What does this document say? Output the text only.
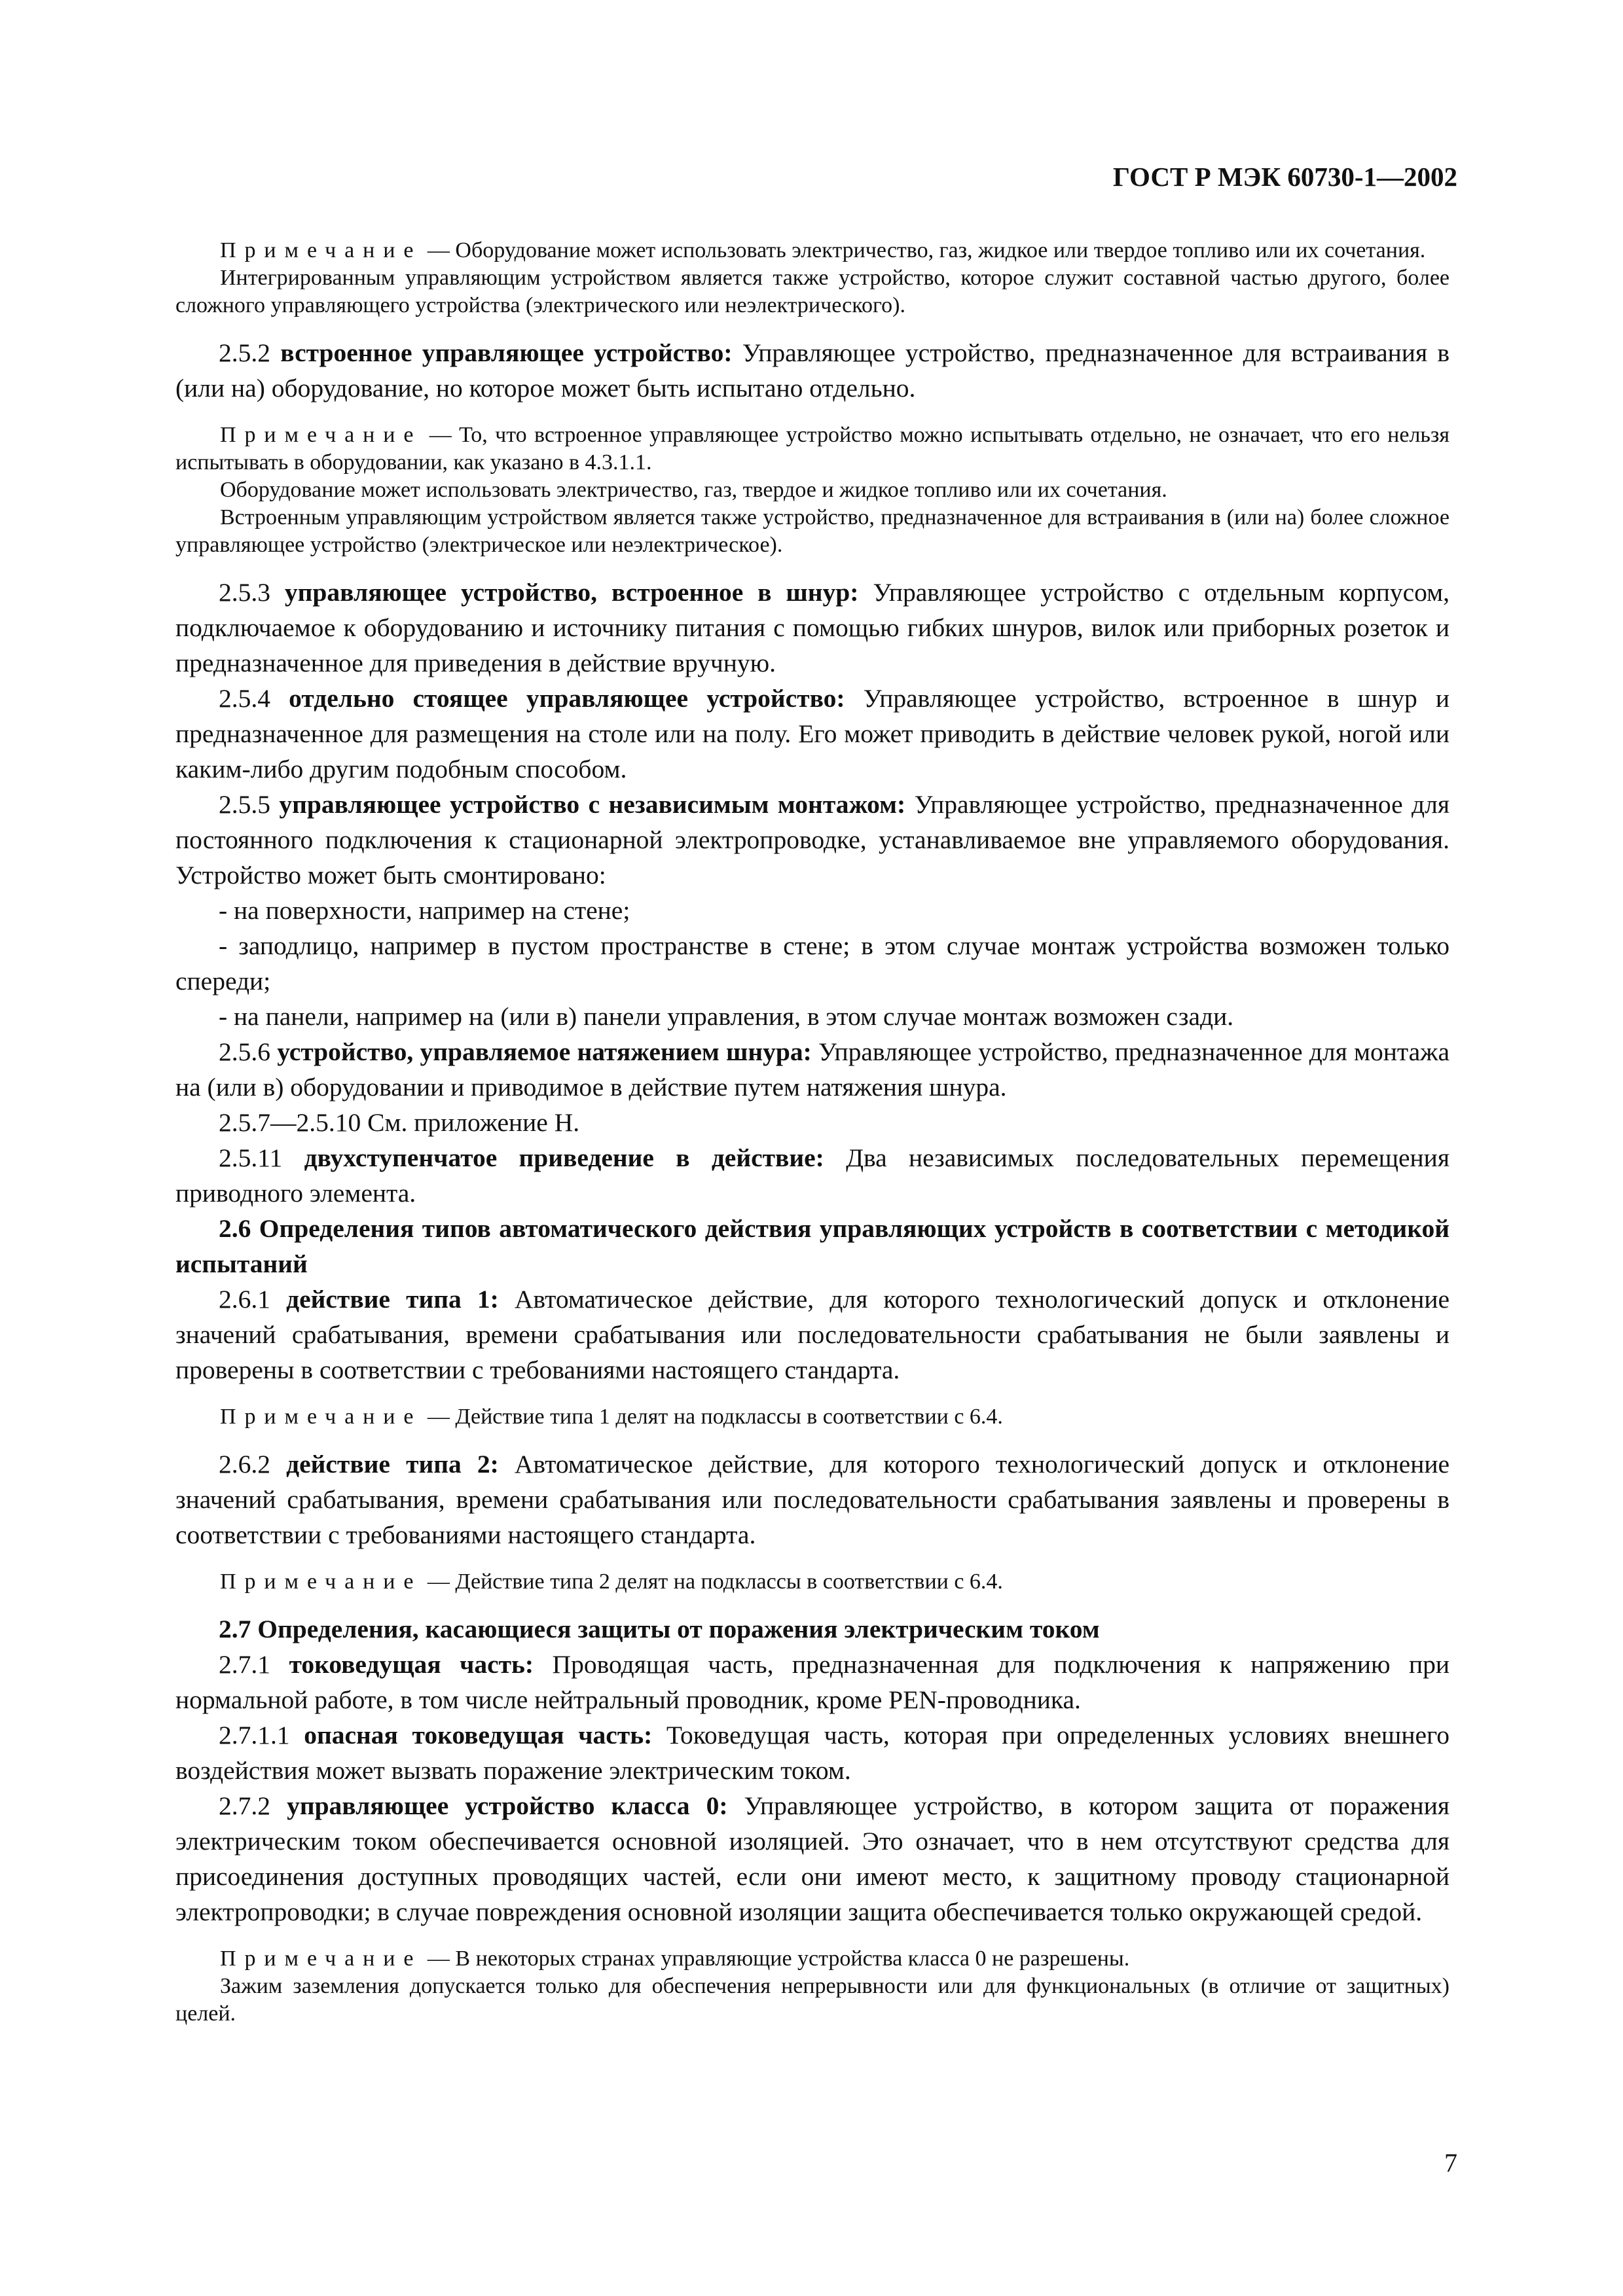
ГОСТ Р МЭК 60730-1—2002

Примечание — Оборудование может использовать электричество, газ, жидкое или твердое топливо или их сочетания.

Интегрированным управляющим устройством является также устройство, которое служит составной частью другого, более сложного управляющего устройства (электрического или неэлектрического).

2.5.2 встроенное управляющее устройство: Управляющее устройство, предназначенное для встраивания в (или на) оборудование, но которое может быть испытано отдельно.

Примечание — То, что встроенное управляющее устройство можно испытывать отдельно, не означает, что его нельзя испытывать в оборудовании, как указано в 4.3.1.1.

Оборудование может использовать электричество, газ, твердое и жидкое топливо или их сочетания.

Встроенным управляющим устройством является также устройство, предназначенное для встраивания в (или на) более сложное управляющее устройство (электрическое или неэлектрическое).

2.5.3 управляющее устройство, встроенное в шнур: Управляющее устройство с отдельным корпусом, подключаемое к оборудованию и источнику питания с помощью гибких шнуров, вилок или приборных розеток и предназначенное для приведения в действие вручную.

2.5.4 отдельно стоящее управляющее устройство: Управляющее устройство, встроенное в шнур и предназначенное для размещения на столе или на полу. Его может приводить в действие человек рукой, ногой или каким-либо другим подобным способом.

2.5.5 управляющее устройство с независимым монтажом: Управляющее устройство, предназначенное для постоянного подключения к стационарной электропроводке, устанавливаемое вне управляемого оборудования. Устройство может быть смонтировано:

- на поверхности, например на стене;

- заподлицо, например в пустом пространстве в стене; в этом случае монтаж устройства возможен только спереди;

- на панели, например на (или в) панели управления, в этом случае монтаж возможен сзади.

2.5.6 устройство, управляемое натяжением шнура: Управляющее устройство, предназначенное для монтажа на (или в) оборудовании и приводимое в действие путем натяжения шнура.

2.5.7—2.5.10 См. приложение Н.

2.5.11 двухступенчатое приведение в действие: Два независимых последовательных перемещения приводного элемента.

2.6 Определения типов автоматического действия управляющих устройств в соответствии с методикой испытаний

2.6.1 действие типа 1: Автоматическое действие, для которого технологический допуск и отклонение значений срабатывания, времени срабатывания или последовательности срабатывания не были заявлены и проверены в соответствии с требованиями настоящего стандарта.

Примечание — Действие типа 1 делят на подклассы в соответствии с 6.4.

2.6.2 действие типа 2: Автоматическое действие, для которого технологический допуск и отклонение значений срабатывания, времени срабатывания или последовательности срабатывания заявлены и проверены в соответствии с требованиями настоящего стандарта.

Примечание — Действие типа 2 делят на подклассы в соответствии с 6.4.

2.7 Определения, касающиеся защиты от поражения электрическим током

2.7.1 токоведущая часть: Проводящая часть, предназначенная для подключения к напряжению при нормальной работе, в том числе нейтральный проводник, кроме PEN-проводника.

2.7.1.1 опасная токоведущая часть: Токоведущая часть, которая при определенных условиях внешнего воздействия может вызвать поражение электрическим током.

2.7.2 управляющее устройство класса 0: Управляющее устройство, в котором защита от поражения электрическим током обеспечивается основной изоляцией. Это означает, что в нем отсутствуют средства для присоединения доступных проводящих частей, если они имеют место, к защитному проводу стационарной электропроводки; в случае повреждения основной изоляции защита обеспечивается только окружающей средой.

Примечание — В некоторых странах управляющие устройства класса 0 не разрешены.

Зажим заземления допускается только для обеспечения непрерывности или для функциональных (в отличие от защитных) целей.

7
